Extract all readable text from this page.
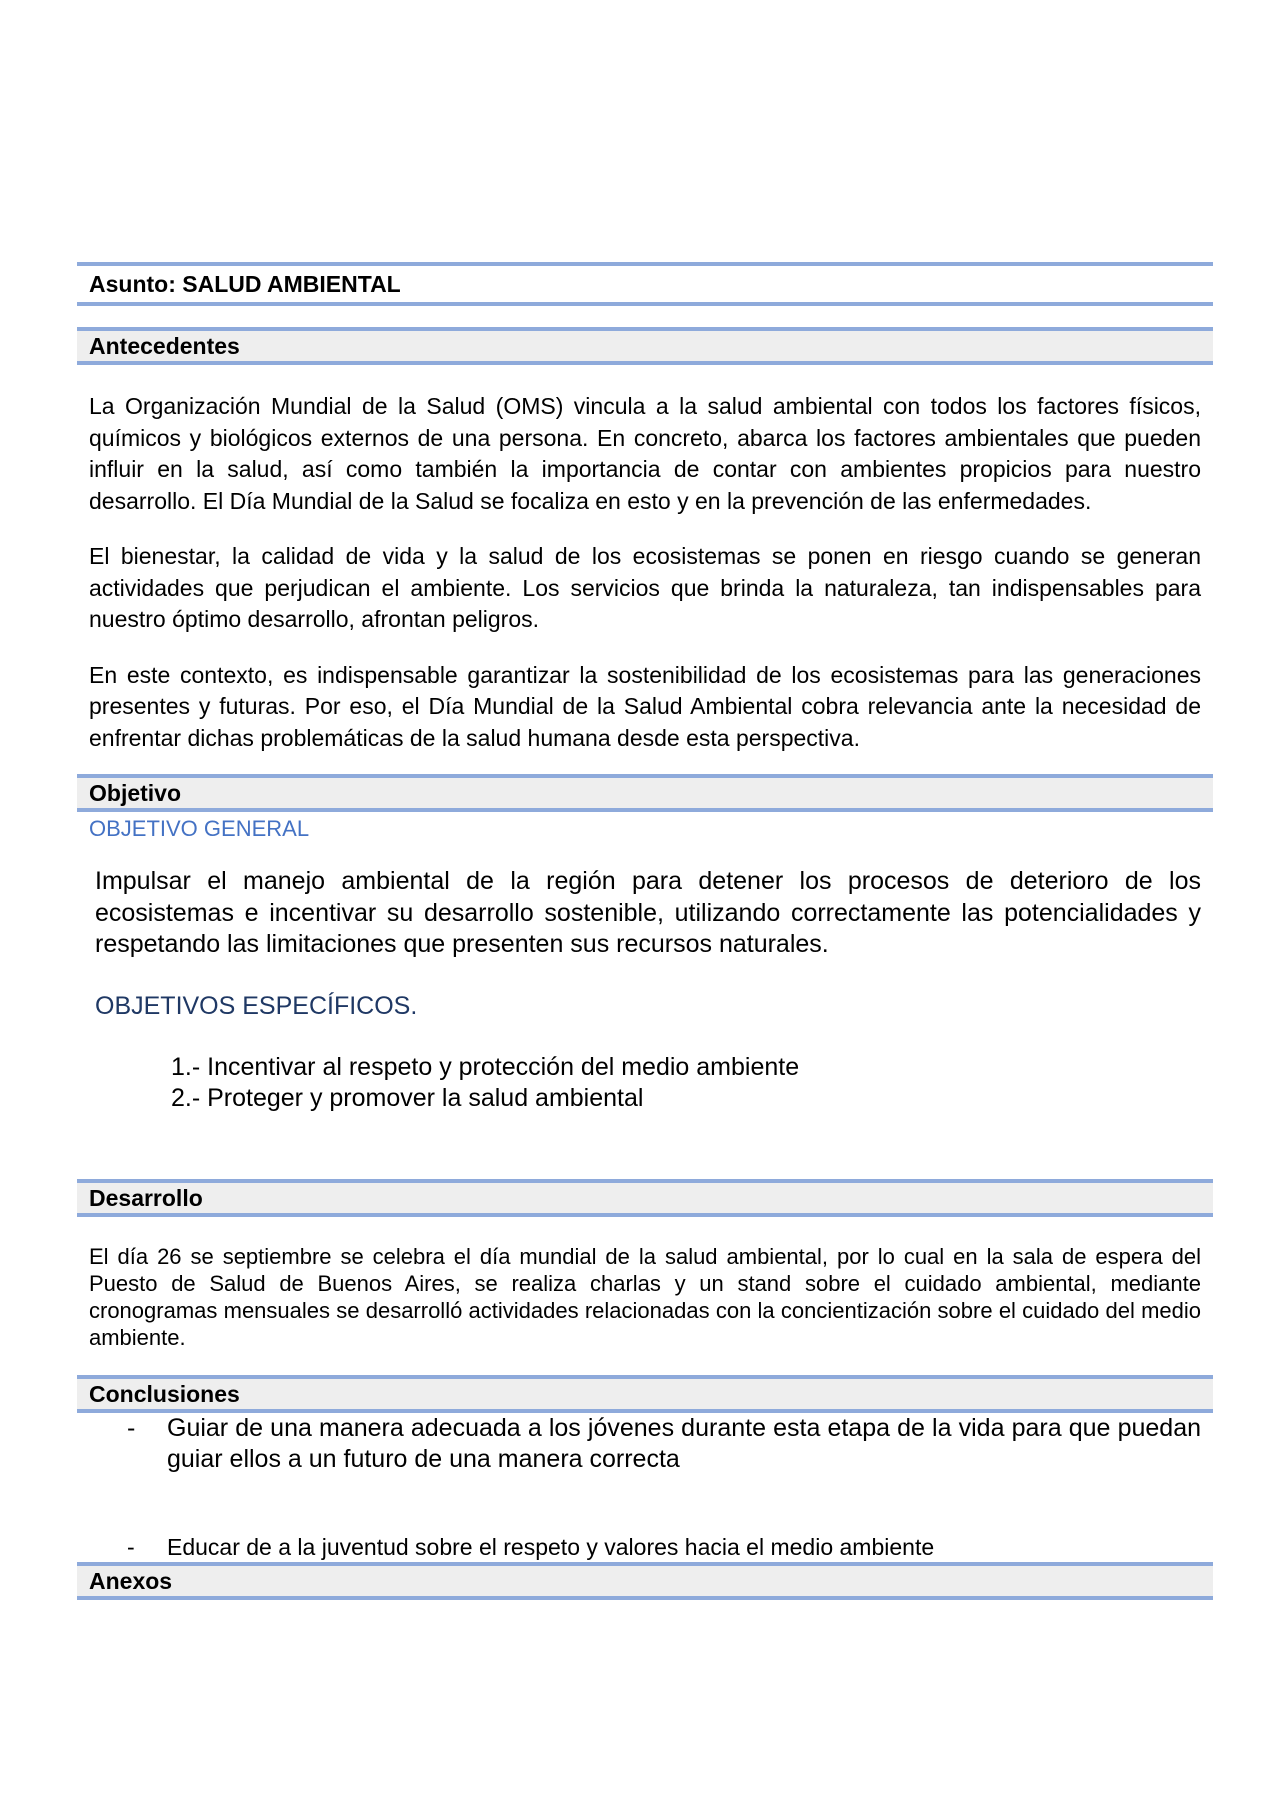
Asunto: SALUD AMBIENTAL
Antecedentes

La Organización Mundial de la Salud (OMS) vincula a la salud ambiental con todos los factores físicos, químicos y biológicos externos de una persona. En concreto, abarca los factores ambientales que pueden influir en la salud, así como también la importancia de contar con ambientes propicios para nuestro desarrollo. El Día Mundial de la Salud se focaliza en esto y en la prevención de las enfermedades.

El bienestar, la calidad de vida y la salud de los ecosistemas se ponen en riesgo cuando se generan actividades que perjudican el ambiente. Los servicios que brinda la naturaleza, tan indispensables para nuestro óptimo desarrollo, afrontan peligros.

En este contexto, es indispensable garantizar la sostenibilidad de los ecosistemas para las generaciones presentes y futuras. Por eso, el Día Mundial de la Salud Ambiental cobra relevancia ante la necesidad de enfrentar dichas problemáticas de la salud humana desde esta perspectiva.

Objetivo

OBJETIVO GENERAL

Impulsar el manejo ambiental de la región para detener los procesos de deterioro de los ecosistemas e incentivar su desarrollo sostenible, utilizando correctamente las potencialidades y respetando las limitaciones que presenten sus recursos naturales.

OBJETIVOS ESPECÍFICOS.

1.- Incentivar al respeto y protección del medio ambiente
2.- Proteger y promover la salud ambiental
Desarrollo

El día 26 se septiembre se celebra el día mundial de la salud ambiental, por lo cual en la sala de espera del Puesto de Salud de Buenos Aires, se realiza charlas y un stand sobre el cuidado ambiental, mediante cronogramas mensuales se desarrolló actividades relacionadas con la concientización sobre el cuidado del medio ambiente.

Conclusiones
-	Guiar de una manera adecuada a los jóvenes durante esta etapa de la vida para que puedan guiar ellos a un futuro de una manera correcta
-	Educar de a la juventud sobre el respeto y valores hacia el medio ambiente
Anexos
